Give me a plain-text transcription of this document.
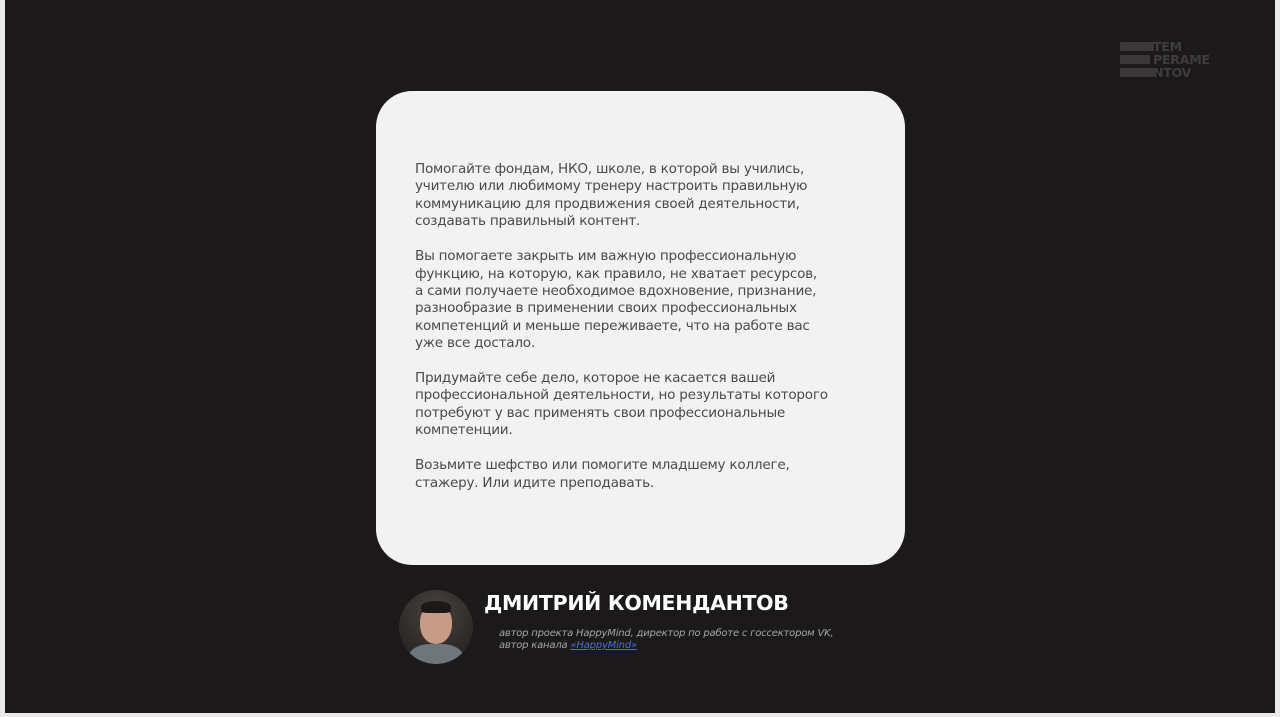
TEM
PERAME
NTOV

Помогайте фондам, НКО, школе, в которой вы учились,
учителю или любимому тренеру настроить правильную
коммуникацию для продвижения своей деятельности,
создавать правильный контент.

Вы помогаете закрыть им важную профессиональную
функцию, на которую, как правило, не хватает ресурсов,
а сами получаете необходимое вдохновение, признание,
разнообразие в применении своих профессиональных
компетенций и меньше переживаете, что на работе вас
уже все достало.

Придумайте себе дело, которое не касается вашей
профессиональной деятельности, но результаты которого
потребуют у вас применять свои профессиональные
компетенции.

Возьмите шефство или помогите младшему коллеге,
стажеру. Или идите преподавать.

ДМИТРИЙ КОМЕНДАНТОВ
автор проекта HappyMind, директор по работе с госсектором VK,
автор канала «HappyMind»
